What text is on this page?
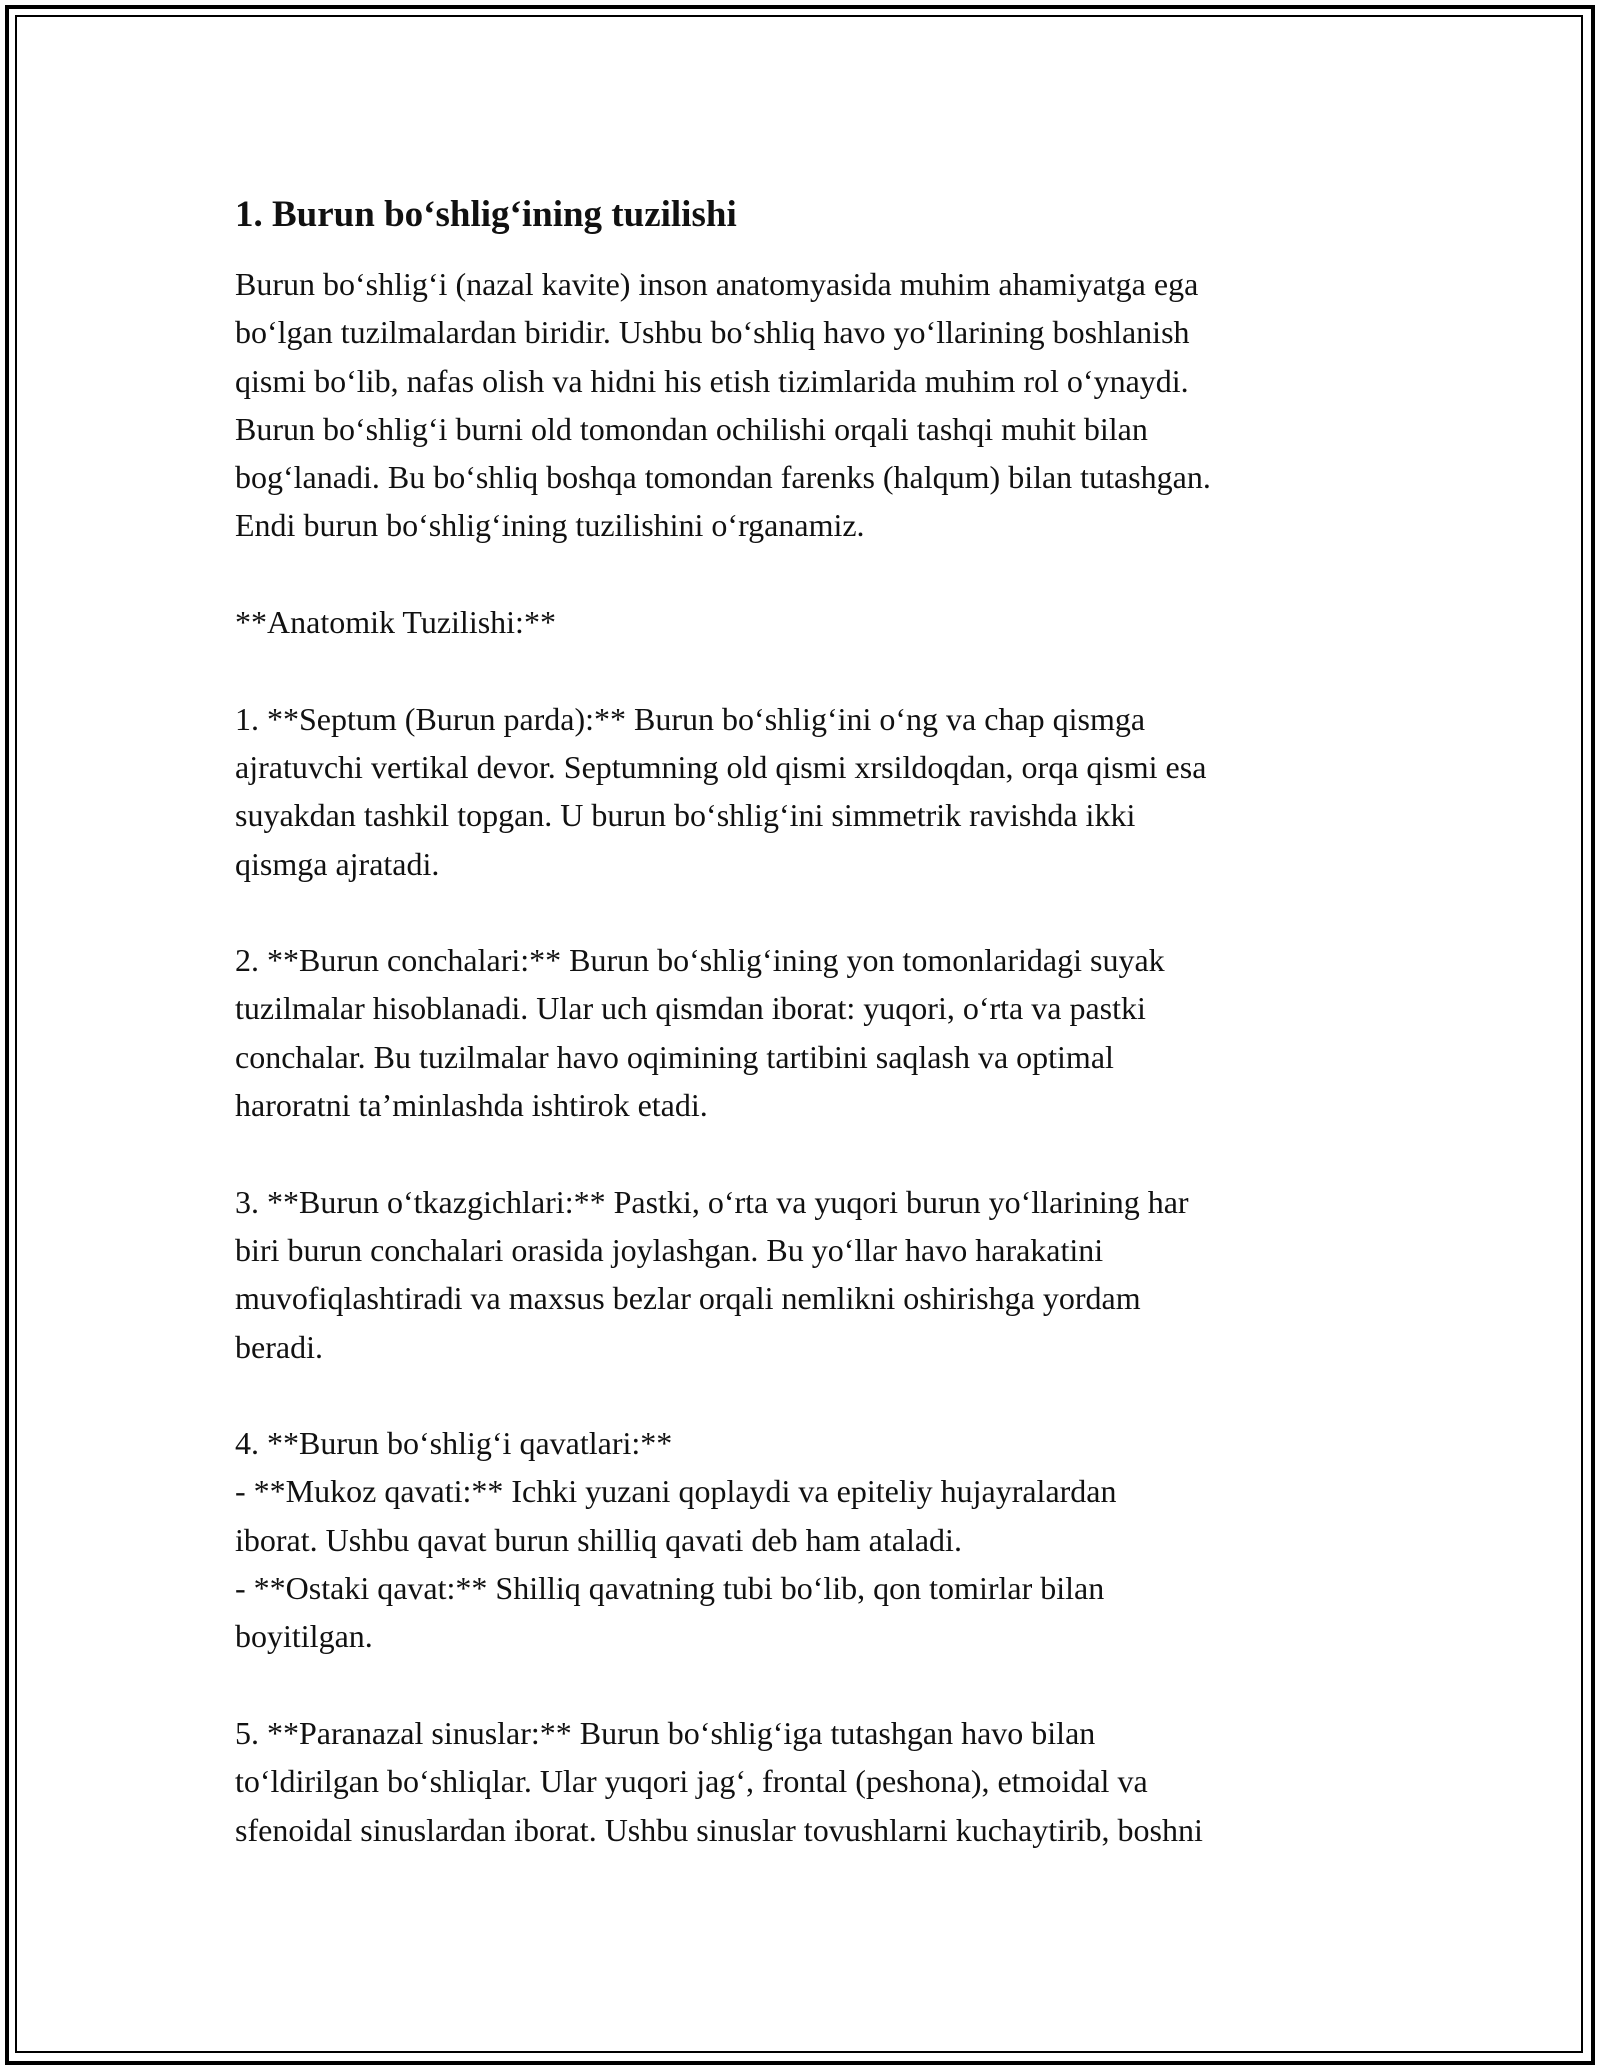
1. Burun bo‘shlig‘ining tuzilishi

Burun bo‘shlig‘i (nazal kavite) inson anatomyasida muhim ahamiyatga ega
bo‘lgan tuzilmalardan biridir. Ushbu bo‘shliq havo yo‘llarining boshlanish
qismi bo‘lib, nafas olish va hidni his etish tizimlarida muhim rol o‘ynaydi.
Burun bo‘shlig‘i burni old tomondan ochilishi orqali tashqi muhit bilan
bog‘lanadi. Bu bo‘shliq boshqa tomondan farenks (halqum) bilan tutashgan.
Endi burun bo‘shlig‘ining tuzilishini o‘rganamiz.

**Anatomik Tuzilishi:**

1. **Septum (Burun parda):** Burun bo‘shlig‘ini o‘ng va chap qismga
ajratuvchi vertikal devor. Septumning old qismi xrsildoqdan, orqa qismi esa
suyakdan tashkil topgan. U burun bo‘shlig‘ini simmetrik ravishda ikki
qismga ajratadi.

2. **Burun conchalari:** Burun bo‘shlig‘ining yon tomonlaridagi suyak
tuzilmalar hisoblanadi. Ular uch qismdan iborat: yuqori, o‘rta va pastki
conchalar. Bu tuzilmalar havo oqimining tartibini saqlash va optimal
haroratni ta’minlashda ishtirok etadi.

3. **Burun o‘tkazgichlari:** Pastki, o‘rta va yuqori burun yo‘llarining har
biri burun conchalari orasida joylashgan. Bu yo‘llar havo harakatini
muvofiqlashtiradi va maxsus bezlar orqali nemlikni oshirishga yordam
beradi.

4. **Burun bo‘shlig‘i qavatlari:**
- **Mukoz qavati:** Ichki yuzani qoplaydi va epiteliy hujayralardan
iborat. Ushbu qavat burun shilliq qavati deb ham ataladi.
- **Ostaki qavat:** Shilliq qavatning tubi bo‘lib, qon tomirlar bilan
boyitilgan.

5. **Paranazal sinuslar:** Burun bo‘shlig‘iga tutashgan havo bilan
to‘ldirilgan bo‘shliqlar. Ular yuqori jag‘, frontal (peshona), etmoidal va
sfenoidal sinuslardan iborat. Ushbu sinuslar tovushlarni kuchaytirib, boshni
